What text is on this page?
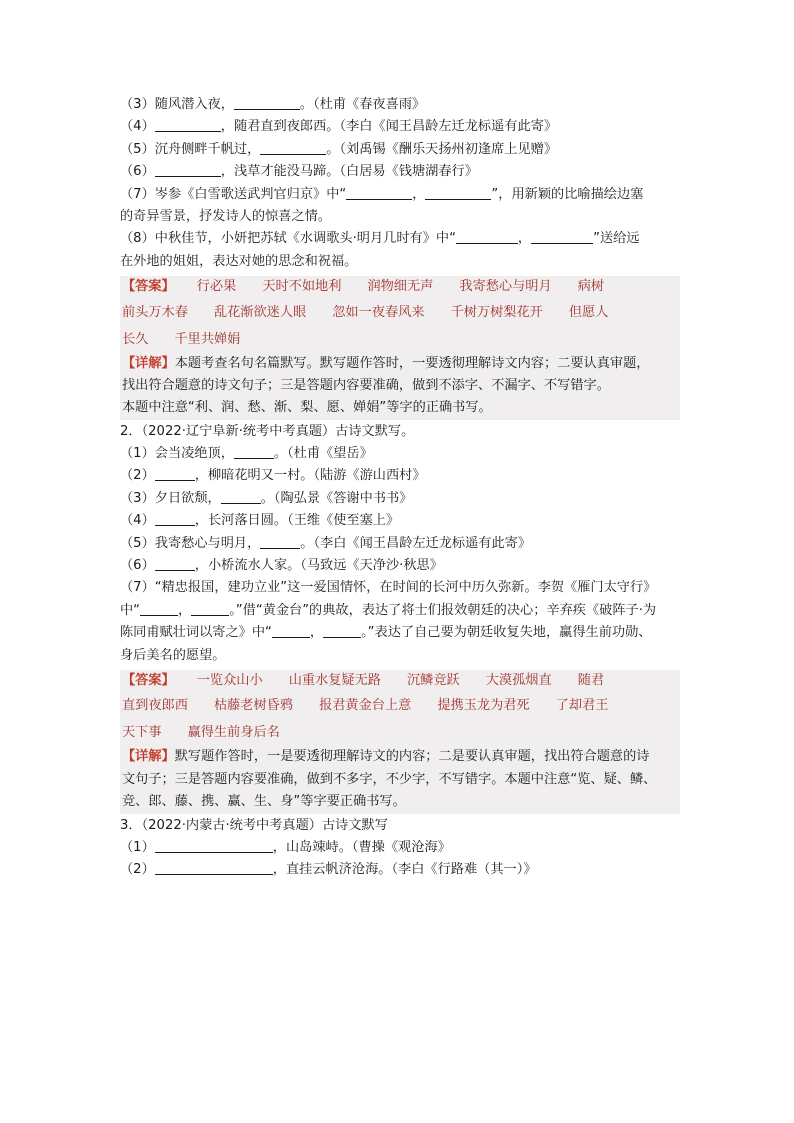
（3）随风潜入夜，	。（杜甫《春夜喜雨》
（4）	，随君直到夜郎西。（李白《闻王昌龄左迁龙标遥有此寄》
（5）沉舟侧畔千帆过，	。（刘禹锡《酬乐天扬州初逢席上见赠》
（6）	，浅草才能没马蹄。（白居易《钱塘湖春行》
（7）岑参《白雪歌送武判官归京》中“	，	”，用新颖的比喻描绘边塞
的奇异雪景，抒发诗人的惊喜之情。
（8）中秋佳节，小妍把苏轼《水调歌头·明月几时有》中“	，	”送给远
在外地的姐姐，表达对她的思念和祝福。
【答案】 行必果 天时不如地利 润物细无声 我寄愁心与明月 病树
前头万木春 乱花渐欲迷人眼 忽如一夜春风来 千树万树梨花开 但愿人
长久 千里共婵娟
【详解】本题考查名句名篇默写。默写题作答时，一要透彻理解诗文内容；二要认真审题，
找出符合题意的诗文句子；三是答题内容要准确，做到不添字、不漏字、不写错字。
本题中注意“利、润、愁、渐、梨、愿、婵娟”等字的正确书写。
2．（2022·辽宁阜新·统考中考真题）古诗文默写。
（1）会当凌绝顶，	。（杜甫《望岳》
（2）	，柳暗花明又一村。（陆游《游山西村》
（3）夕日欲颓，	。（陶弘景《答谢中书书》
（4）	，长河落日圆。（王维《使至塞上》
（5）我寄愁心与明月，	。（李白《闻王昌龄左迁龙标遥有此寄》
（6）	，小桥流水人家。（马致远《天净沙·秋思》
（7）“精忠报国，建功立业”这一爱国情怀，在时间的长河中历久弥新。李贺《雁门太守行》
中“	，	。”借“黄金台”的典故，表达了将士们报效朝廷的决心；辛弃疾《破阵子·为
陈同甫赋壮词以寄之》中“	，	。”表达了自己要为朝廷收复失地，赢得生前功勋、
身后美名的愿望。
【答案】 一览众山小 山重水复疑无路 沉鳞竞跃 大漠孤烟直 随君
直到夜郎西 枯藤老树昏鸦 报君黄金台上意 提携玉龙为君死 了却君王
天下事 赢得生前身后名
【详解】默写题作答时，一是要透彻理解诗文的内容；二是要认真审题，找出符合题意的诗
文句子；三是答题内容要准确，做到不多字，不少字，不写错字。本题中注意“览、疑、鳞、
竞、郎、藤、携、赢、生、身”等字要正确书写。
3．（2022·内蒙古·统考中考真题）古诗文默写
（1）	，山岛竦峙。（曹操《观沧海》
（2）	，直挂云帆济沧海。（李白《行路难（其一）》
